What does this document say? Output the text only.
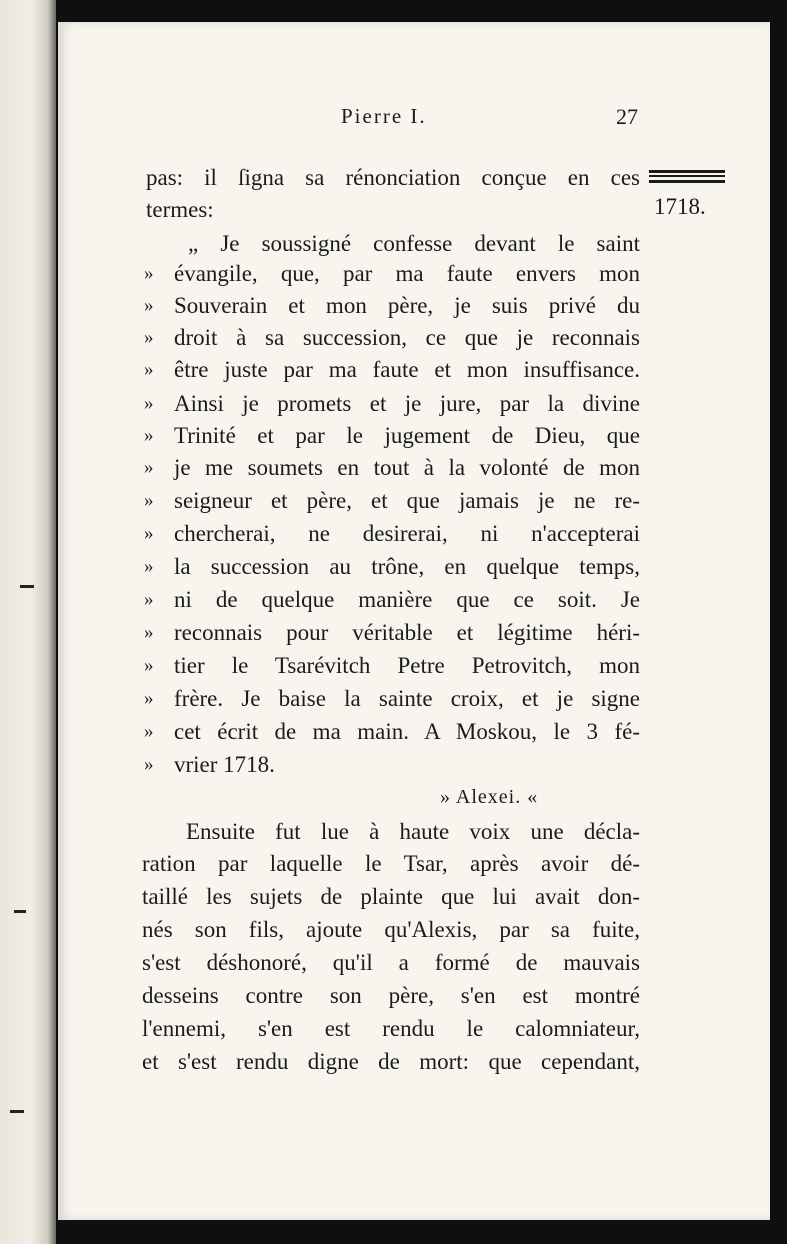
Pierre I.	27
1718.
pas: il ſigna sa rénonciation conçue en ces
termes:
„ Je soussigné confesse devant le saint
» évangile, que, par ma faute envers mon
» Souverain et mon père, je suis privé du
» droit à sa succession, ce que je reconnais
» être juste par ma faute et mon insuffisance.
» Ainsi je promets et je jure, par la divine
» Trinité et par le jugement de Dieu, que
» je me soumets en tout à la volonté de mon
» seigneur et père, et que jamais je ne re-
» chercherai, ne desirerai, ni n'accepterai
» la succession au trône, en quelque temps,
» ni de quelque manière que ce soit. Je
» reconnais pour véritable et légitime héri-
» tier le Tsarévitch Petre Petrovitch, mon
» frère. Je baise la sainte croix, et je signe
» cet écrit de ma main. A Moskou, le 3 fé-
» vrier 1718.
» Alexei. «
Ensuite fut lue à haute voix une décla-
ration par laquelle le Tsar, après avoir dé-
taillé les sujets de plainte que lui avait don-
nés son fils, ajoute qu'Alexis, par sa fuite,
s'est déshonoré, qu'il a formé de mauvais
desseins contre son père, s'en est montré
l'ennemi, s'en est rendu le calomniateur,
et s'est rendu digne de mort: que cependant,
